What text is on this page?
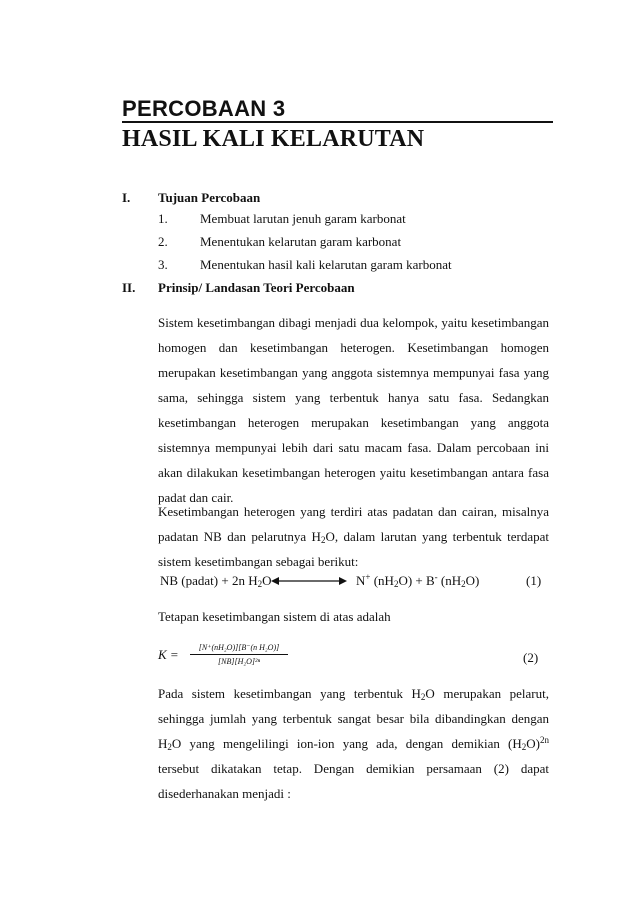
PERCOBAAN 3
HASIL KALI KELARUTAN
I. Tujuan Percobaan
1. Membuat larutan jenuh garam karbonat
2. Menentukan kelarutan garam karbonat
3. Menentukan hasil kali kelarutan garam karbonat
II. Prinsip/ Landasan Teori Percobaan
Sistem kesetimbangan dibagi menjadi dua kelompok, yaitu kesetimbangan
homogen dan kesetimbangan heterogen. Kesetimbangan homogen
merupakan kesetimbangan yang anggota sistemnya mempunyai fasa yang
sama, sehingga sistem yang terbentuk hanya satu fasa. Sedangkan
kesetimbangan heterogen merupakan kesetimbangan yang anggota
sistemnya mempunyai lebih dari satu macam fasa. Dalam percobaan ini
akan dilakukan kesetimbangan heterogen yaitu kesetimbangan antara fasa
padat dan cair.
Kesetimbangan heterogen yang terdiri atas padatan dan cairan, misalnya
padatan NB dan pelarutnya $H_2O$, dalam larutan yang terbentuk terdapat
sistem kesetimbangan sebagai berikut:
NB (padat) + 2n $H_2O$	N+ $(nH_2O) + B^-$ $(nH_2O)$	(1)
Tetapan kesetimbangan sistem di atas adalah
$K = \frac{\text{[N⁺(nH₂O)][B⁻(n H₂O)]}}{\text{[NB][H₂O]²ⁿ}}$	(2)
Pada sistem kesetimbangan yang terbentuk $H_2O$ merupakan pelarut,
sehingga jumlah yang terbentuk sangat besar bila dibandingkan dengan
$H_2O$ yang mengelilingi ion-ion yang ada, dengan demikian $(H_2O)^{2n}$
tersebut dikatakan tetap. Dengan demikian persamaan (2) dapat
disederhanakan menjadi :
